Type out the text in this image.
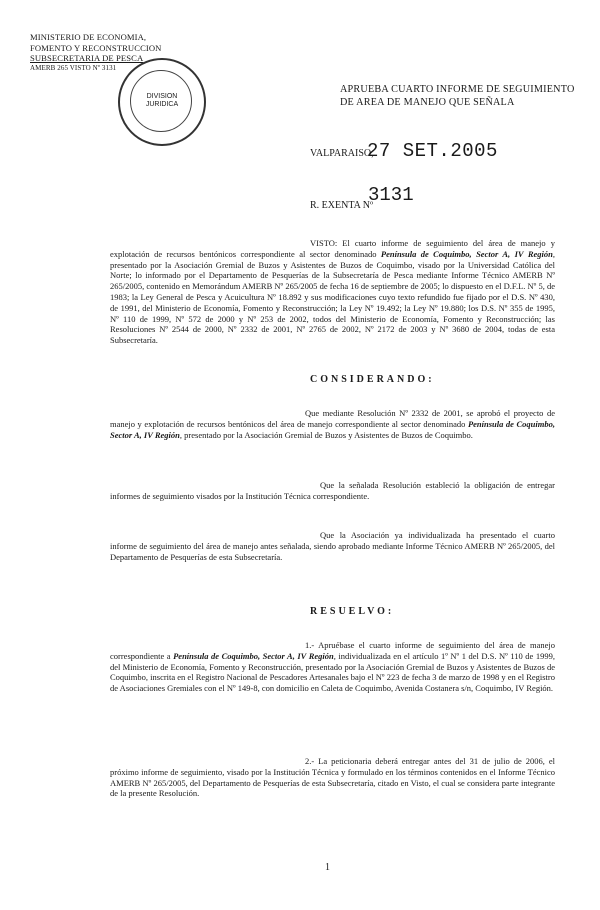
MINISTERIO DE ECONOMIA,
FOMENTO Y RECONSTRUCCION
SUBSECRETARIA DE PESCA
AMERB 265 VISTO Nº 3131
DIVISION JURIDICA
APRUEBA CUARTO INFORME DE SEGUIMIENTO
DE AREA DE MANEJO QUE SEÑALA
VALPARAISO,
27 SET.2005
R. EXENTA Nº
3131
VISTO: El cuarto informe de seguimiento del área de manejo y explotación de recursos bentónicos correspondiente al sector denominado Península de Coquimbo, Sector A, IV Región, presentado por la Asociación Gremial de Buzos y Asistentes de Buzos de Coquimbo, visado por la Universidad Católica del Norte; lo informado por el Departamento de Pesquerías de la Subsecretaría de Pesca mediante Informe Técnico AMERB Nº 265/2005, contenido en Memorándum AMERB Nº 265/2005 de fecha 16 de septiembre de 2005; lo dispuesto en el D.F.L. Nº 5, de 1983; la Ley General de Pesca y Acuicultura Nº 18.892 y sus modificaciones cuyo texto refundido fue fijado por el D.S. Nº 430, de 1991, del Ministerio de Economía, Fomento y Reconstrucción; la Ley Nº 19.492; la Ley Nº 19.880; los D.S. Nº 355 de 1995, Nº 110 de 1999, Nº 572 de 2000 y Nº 253 de 2002, todos del Ministerio de Economía, Fomento y Reconstrucción; las Resoluciones Nº 2544 de 2000, Nº 2332 de 2001, Nº 2765 de 2002, Nº 2172 de 2003 y Nº 3680 de 2004, todas de esta Subsecretaría.
CONSIDERANDO:
Que mediante Resolución Nº 2332 de 2001, se aprobó el proyecto de manejo y explotación de recursos bentónicos del área de manejo correspondiente al sector denominado Península de Coquimbo, Sector A, IV Región, presentado por la Asociación Gremial de Buzos y Asistentes de Buzos de Coquimbo.
Que la señalada Resolución estableció la obligación de entregar informes de seguimiento visados por la Institución Técnica correspondiente.
Que la Asociación ya individualizada ha presentado el cuarto informe de seguimiento del área de manejo antes señalada, siendo aprobado mediante Informe Técnico AMERB Nº 265/2005, del Departamento de Pesquerías de esta Subsecretaría.
RESUELVO:
1.- Apruébase el cuarto informe de seguimiento del área de manejo correspondiente a Península de Coquimbo, Sector A, IV Región, individualizada en el artículo 1º Nº 1 del D.S. Nº 110 de 1999, del Ministerio de Economía, Fomento y Reconstrucción, presentado por la Asociación Gremial de Buzos y Asistentes de Buzos de Coquimbo, inscrita en el Registro Nacional de Pescadores Artesanales bajo el Nº 223 de fecha 3 de marzo de 1998 y en el Registro de Asociaciones Gremiales con el Nº 149-8, con domicilio en Caleta de Coquimbo, Avenida Costanera s/n, Coquimbo, IV Región.
2.- La peticionaria deberá entregar antes del 31 de julio de 2006, el próximo informe de seguimiento, visado por la Institución Técnica y formulado en los términos contenidos en el Informe Técnico AMERB Nº 265/2005, del Departamento de Pesquerías de esta Subsecretaría, citado en Visto, el cual se considera parte integrante de la presente Resolución.
1
